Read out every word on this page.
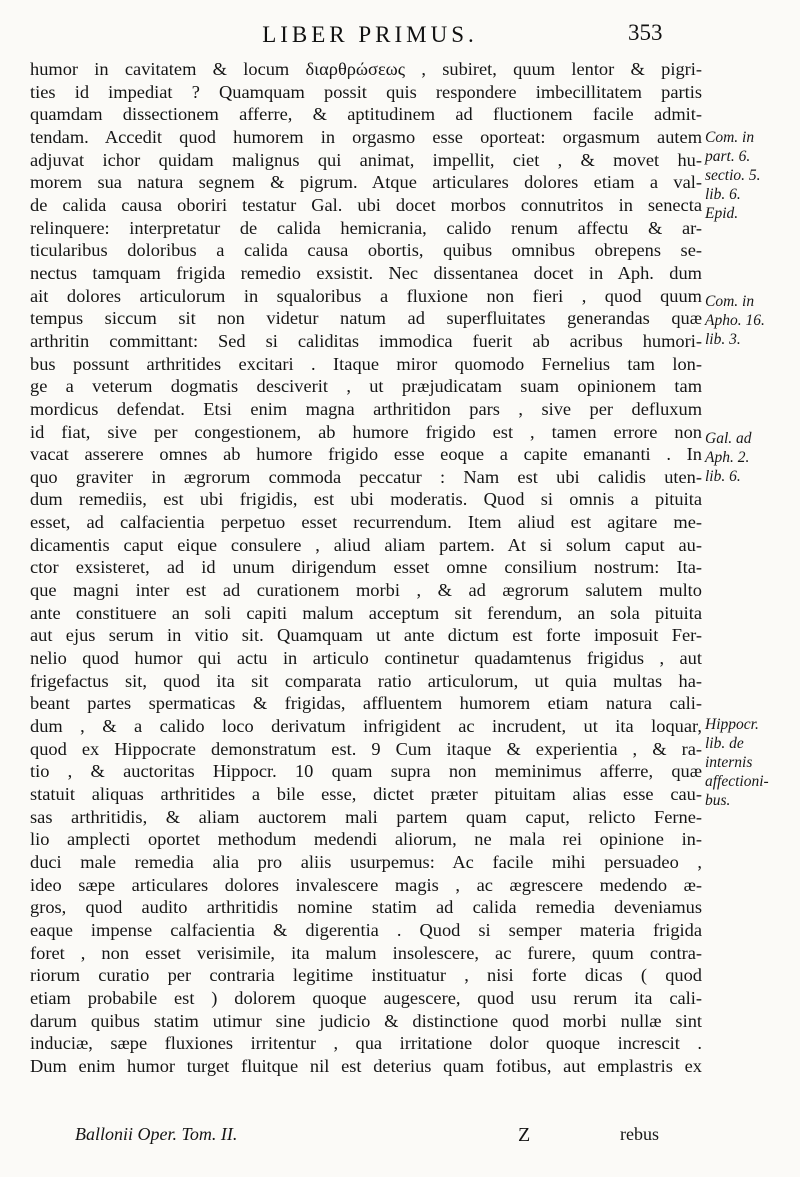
LIBER PRIMUS.	353
humor in cavitatem & locum διαρθρώσεως , subiret, quum lentor & pigri-
ties id impediat ? Quamquam possit quis respondere imbecillitatem partis
quamdam dissectionem afferre, & aptitudinem ad fluctionem facile admit-
tendam. Accedit quod humorem in orgasmo esse oporteat: orgasmum autem
adjuvat ichor quidam malignus qui animat, impellit, ciet , & movet hu-
morem sua natura segnem & pigrum. Atque articulares dolores etiam a val-
de calida causa oboriri testatur Gal. ubi docet morbos connutritos in senecta
relinquere: interpretatur de calida hemicrania, calido renum affectu & ar-
ticularibus doloribus a calida causa obortis, quibus omnibus obrepens se-
nectus tamquam frigida remedio exsistit. Nec dissentanea docet in Aph. dum
ait dolores articulorum in squaloribus a fluxione non fieri , quod quum
tempus siccum sit non videtur natum ad superfluitates generandas quæ
arthritin committant: Sed si caliditas immodica fuerit ab acribus humori-
bus possunt arthritides excitari . Itaque miror quomodo Fernelius tam lon-
ge a veterum dogmatis desciverit , ut præjudicatam suam opinionem tam
mordicus defendat. Etsi enim magna arthritidon pars , sive per defluxum
id fiat, sive per congestionem, ab humore frigido est , tamen errore non
vacat asserere omnes ab humore frigido esse eoque a capite emananti . In
quo graviter in ægrorum commoda peccatur : Nam est ubi calidis uten-
dum remediis, est ubi frigidis, est ubi moderatis. Quod si omnis a pituita
esset, ad calfacientia perpetuo esset recurrendum. Item aliud est agitare me-
dicamentis caput eique consulere , aliud aliam partem. At si solum caput au-
ctor exsisteret, ad id unum dirigendum esset omne consilium nostrum: Ita-
que magni inter est ad curationem morbi , & ad ægrorum salutem multo
ante constituere an soli capiti malum acceptum sit ferendum, an sola pituita
aut ejus serum in vitio sit. Quamquam ut ante dictum est forte imposuit Fer-
nelio quod humor qui actu in articulo continetur quadamtenus frigidus , aut
frigefactus sit, quod ita sit comparata ratio articulorum, ut quia multas ha-
beant partes spermaticas & frigidas, affluentem humorem etiam natura cali-
dum , & a calido loco derivatum infrigident ac incrudent, ut ita loquar,
quod ex Hippocrate demonstratum est. 9 Cum itaque & experientia , & ra-
tio , & auctoritas Hippocr. 10 quam supra non meminimus afferre, quæ
statuit aliquas arthritides a bile esse, dictet præter pituitam alias esse cau-
sas arthritidis, & aliam auctorem mali partem quam caput, relicto Ferne-
lio amplecti oportet methodum medendi aliorum, ne mala rei opinione in-
duci male remedia alia pro aliis usurpemus: Ac facile mihi persuadeo ,
ideo sæpe articulares dolores invalescere magis , ac ægrescere medendo æ-
gros, quod audito arthritidis nomine statim ad calida remedia deveniamus
eaque impense calfacientia & digerentia . Quod si semper materia frigida
foret , non esset verisimile, ita malum insolescere, ac furere, quum contra-
riorum curatio per contraria legitime instituatur , nisi forte dicas ( quod
etiam probabile est ) dolorem quoque augescere, quod usu rerum ita cali-
darum quibus statim utimur sine judicio & distinctione quod morbi nullæ sint
induciæ, sæpe fluxiones irritentur , qua irritatione dolor quoque increscit .
Dum enim humor turget fluitque nil est deterius quam fotibus, aut emplastris ex
Com. in
part. 6.
sectio. 5.
lib. 6.
Epid.
Com. in
Apho. 16.
lib. 3.
Gal. ad
Aph. 2.
lib. 6.
Hippocr.
lib. de
internis
affectioni-
bus.
Ballonii Oper. Tom. II.	Z	rebus
